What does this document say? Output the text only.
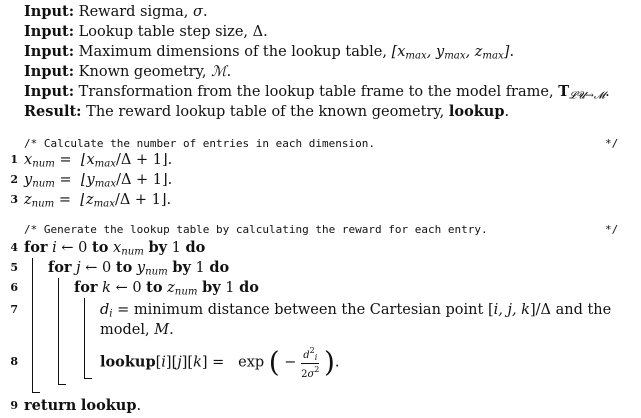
Input: Reward sigma, σ.
Input: Lookup table step size, Δ.
Input: Maximum dimensions of the lookup table, [$x_{max}$, $y_{max}$, $z_{max}$].
Input: Known geometry, ℳ.
Input: Transformation from the lookup table frame to the model frame, $T_{𝓛𝓤\to 𝓜}$.
Result: The reward lookup table of the known geometry, lookup.
/* Calculate the number of entries in each dimension.	*/
1 $x_{num}$ =  $⌊x_{max}/\Delta$ + 1⌋.
2 $y_{num}$ =  $⌊y_{max}/\Delta$ + 1⌋.
3 $z_{num}$ =  $⌊z_{max}/\Delta$ + 1⌋.
/* Generate the lookup table by calculating the reward for each entry.	*/
4 for i ← 0 to $x_{num}$ by 1 do
5 for j ← 0 to $y_{num}$ by 1 do
6	for k ← 0 to $z_{num}$ by 1 do
7	$d_i$ = minimum distance between the Cartesian point [i, j, k]/Δ and the
model, M.
8	lookup[i][j][k] =   exp ( − $\frac{d^2_i}{2\sigma^2}$ ).
9 return lookup.
